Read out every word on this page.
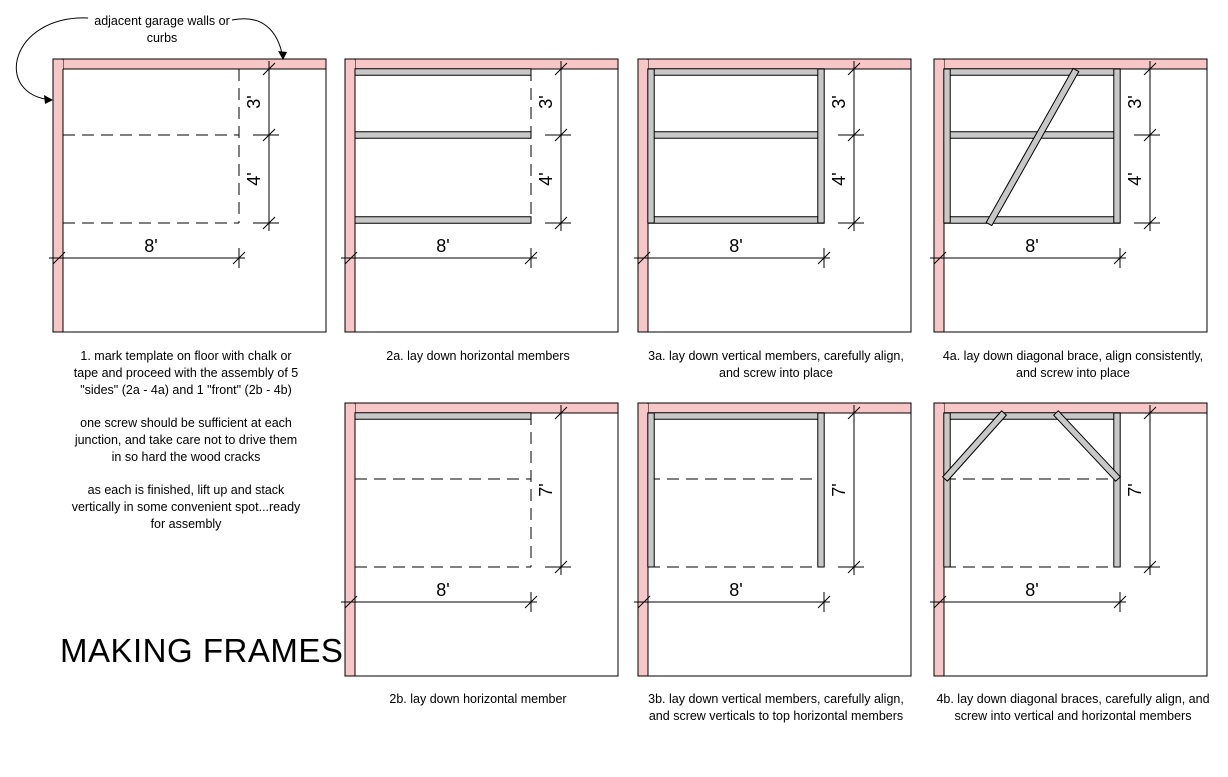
3'
4'
8'
3'
4'
8'
3'
4'
8'
3'
4'
8'
7'
8'
7'
8'
7'
8'
adjacent garage walls or curbs

1. mark template on floor with chalk or tape and proceed with the assembly of 5 "sides" (2a - 4a) and 1 "front" (2b - 4b)

one screw should be sufficient at each junction, and take care not to drive them in so hard the wood cracks

as each is finished, lift up and stack vertically in some convenient spot...ready for assembly

MAKING FRAMES
2a. lay down horizontal members	3a. lay down vertical members, carefully align, and screw into place
4a. lay down diagonal brace, align consistently, and screw into place
2b. lay down horizontal member	3b. lay down vertical members, carefully align, and screw verticals to top horizontal members
4b. lay down diagonal braces, carefully align, and screw into vertical and horizontal members
